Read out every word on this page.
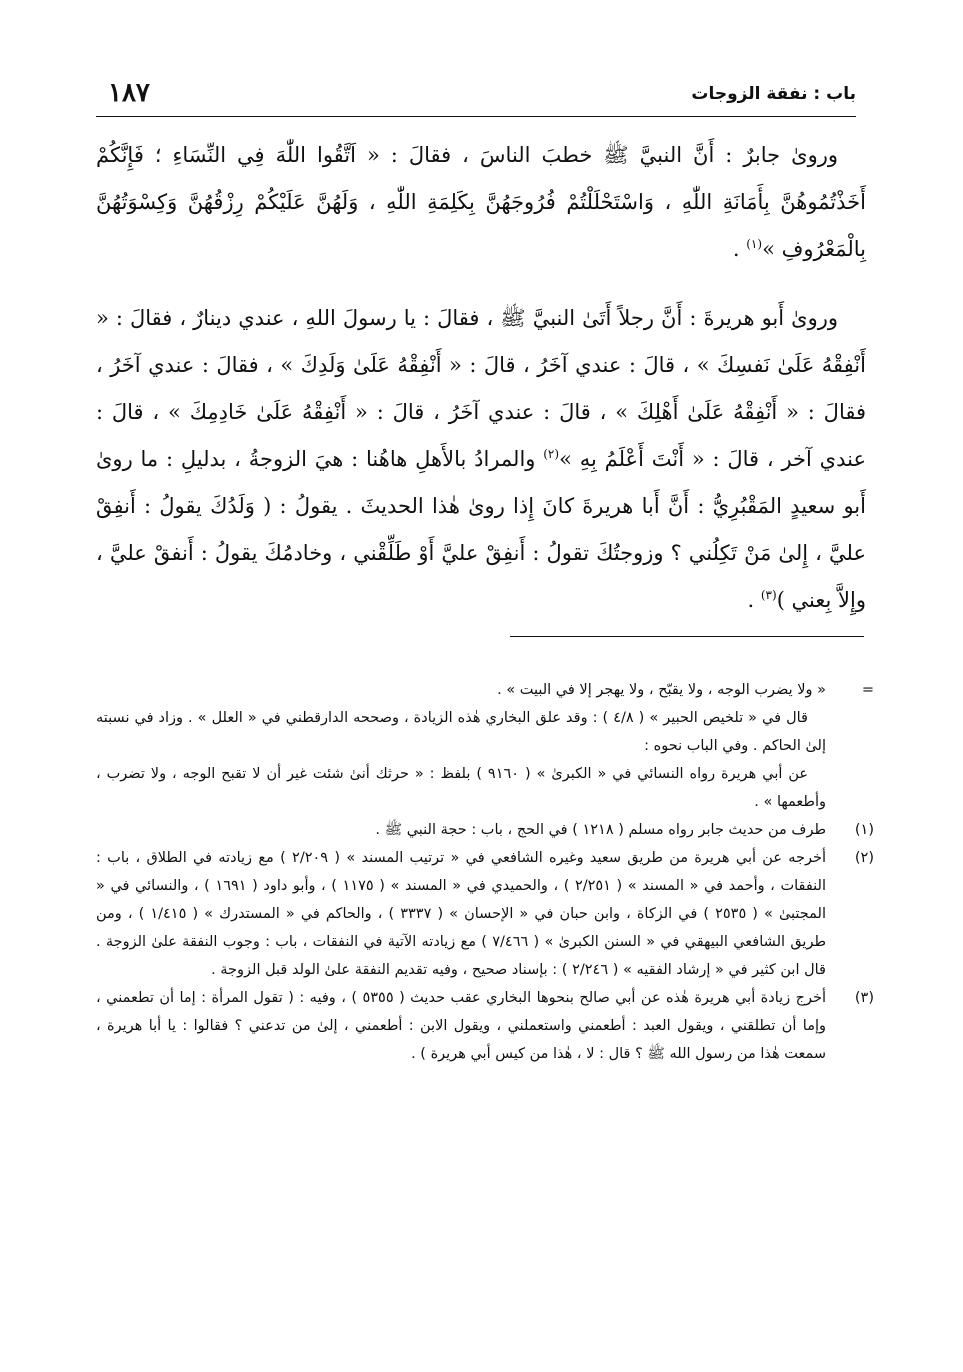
باب : نفقة الزوجات
١٨٧

ورویٰ جابرٌ : أَنَّ النبيَّ ﷺ خطبَ الناسَ ، فقالَ : « اَتَّقُوا اللّٰهَ فِي النِّسَاءِ ؛ فَإِنَّكُمْ أَخَذْتُمُوهُنَّ بِأَمَانَةِ اللّٰهِ ، وَاسْتَحْلَلْتُمْ فُرُوجَهُنَّ بِكَلِمَةِ اللّٰهِ ، وَلَهُنَّ عَلَيْكُمْ رِزْقُهُنَّ وَكِسْوَتُهُنَّ بِالْمَعْرُوفِ »$^{(١)}$ .

ورویٰ أَبو هريرةَ : أَنَّ رجلاً أَتَىٰ النبيَّ ﷺ ، فقالَ : يا رسولَ اللهِ ، عندي دينارٌ ، فقالَ : « أَنْفِقْهُ عَلَىٰ نَفسِكَ » ، قالَ : عندي آخَرُ ، قالَ : « أَنْفِقْهُ عَلَىٰ وَلَدِكَ » ، فقالَ : عندي آخَرُ ، فقالَ : « أَنْفِقْهُ عَلَىٰ أَهْلِكَ » ، قالَ : عندي آخَرُ ، قالَ : « أَنْفِقْهُ عَلَىٰ خَادِمِكَ » ، قالَ : عندي آخر ، قالَ : « أَنْتَ أَعْلَمُ بِهِ »$^{(٢)}$ والمرادُ بالأَهلِ هاهُنا : هيَ الزوجةُ ، بدليلِ : ما رویٰ أَبو سعيدٍ المَقْبُرِيُّ : أَنَّ أَبا هريرةَ كانَ إِذا رویٰ هٰذا الحديثَ . يقولُ : ( وَلَدُكَ يقولُ : أَنفِقْ عليَّ ، إِلىٰ مَنْ تَكِلُني ؟ وزوجتُكَ تقولُ : أَنفِقْ عليَّ أَوْ طَلِّقْني ، وخادمُكَ يقولُ : أَنفقْ عليَّ ، وإِلاَّ بِعني )$^{(٣)}$ .

=

« ولا يضرب الوجه ، ولا يقبّح ، ولا يهجر إلا في البيت » .

قال في « تلخيص الحبير » ( ٤/٨ ) : وقد علق البخاري هٰذه الزيادة ، وصححه الدارقطني في « العلل » . وزاد في نسبته إلىٰ الحاكم . وفي الباب نحوه :

عن أبي هريرة رواه النسائي في « الكبرىٰ » ( ٩١٦٠ ) بلفظ : « حرثك أنىٰ شئت غير أن لا تقبح الوجه ، ولا تضرب ، وأطعمها » .

(١)
طرف من حديث جابر رواه مسلم ( ١٢١٨ ) في الحج ، باب : حجة النبي ﷺ .
(٢)
أخرجه عن أبي هريرة من طريق سعيد وغيره الشافعي في « ترتيب المسند » ( ٢/٢٠٩ ) مع زيادته في الطلاق ، باب : النفقات ، وأحمد في « المسند » ( ٢/٢٥١ ) ، والحميدي في « المسند » ( ١١٧٥ ) ، وأبو داود ( ١٦٩١ ) ، والنسائي في « المجتبىٰ » ( ٢٥٣٥ ) في الزكاة ، وابن حبان في « الإحسان » ( ٣٣٣٧ ) ، والحاكم في « المستدرك » ( ١/٤١٥ ) ، ومن طريق الشافعي البيهقي في « السنن الكبرىٰ » ( ٧/٤٦٦ ) مع زيادته الآتية في النفقات ، باب : وجوب النفقة علىٰ الزوجة . قال ابن كثير في « إرشاد الفقيه » ( ٢/٢٤٦ ) : بإسناد صحيح ، وفيه تقديم النفقة علىٰ الولد قبل الزوجة .
(٣)
أخرج زيادة أبي هريرة هٰذه عن أبي صالح بنحوها البخاري عقب حديث ( ٥٣٥٥ ) ، وفيه : ( تقول المرأة : إما أن تطعمني ، وإما أن تطلقني ، ويقول العبد : أطعمني واستعملني ، ويقول الابن : أطعمني ، إلىٰ من تدعني ؟ فقالوا : يا أبا هريرة ، سمعت هٰذا من رسول الله ﷺ ؟ قال : لا ، هٰذا من كيس أبي هريرة ) .
